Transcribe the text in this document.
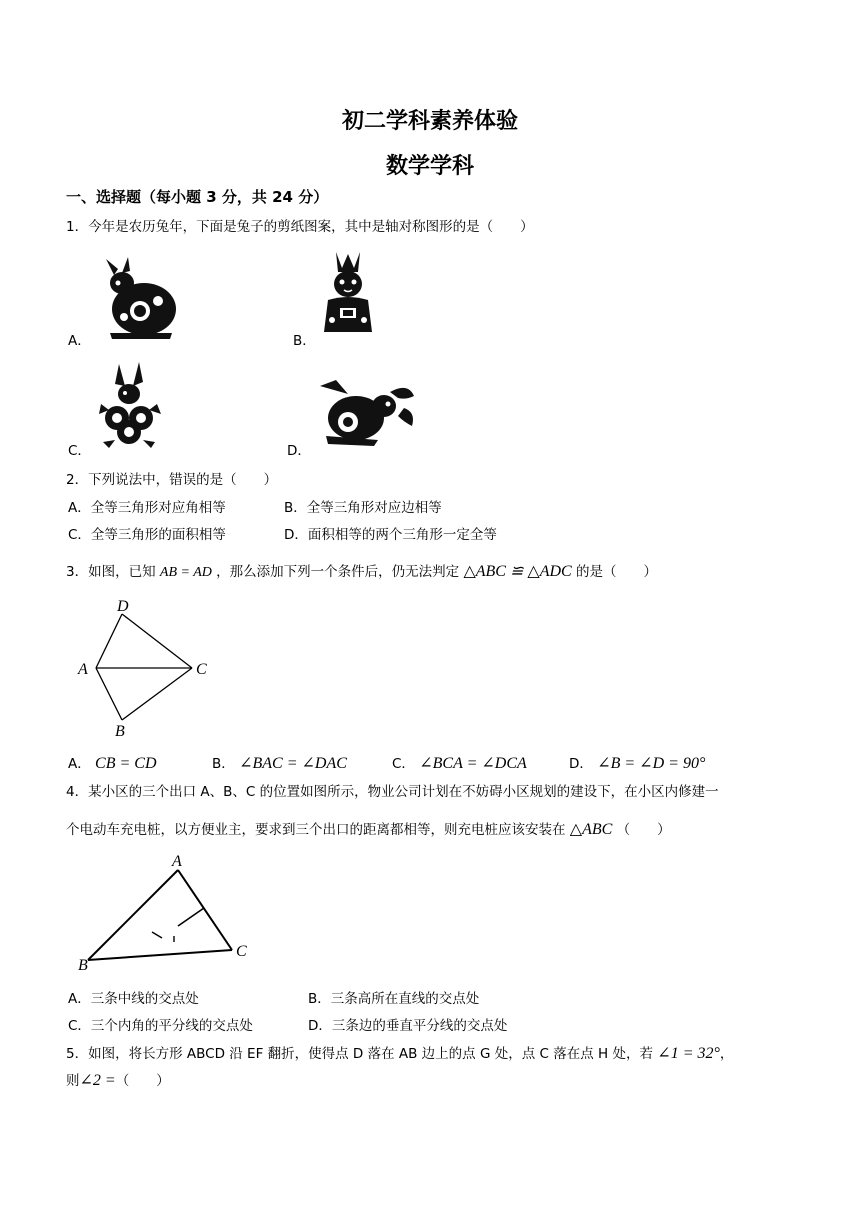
初二学科素养体验
数学学科
一、选择题（每小题 3 分，共 24 分）
1．今年是农历兔年，下面是兔子的剪纸图案，其中是轴对称图形的是（　　）
A．	B．
C．	D．
2．下列说法中，错误的是（　　）
A．全等三角形对应角相等	B．全等三角形对应边相等
C．全等三角形的面积相等	D．面积相等的两个三角形一定全等
3．如图，已知 AB = AD ，那么添加下列一个条件后，仍无法判定 △ABC ≌ △ADC 的是（　　）
D
A	C
B
A． CB = CD	B． ∠BAC = ∠DAC	C． ∠BCA = ∠DCA	D． ∠B = ∠D = 90°
4．某小区的三个出口 A、B、C 的位置如图所示，物业公司计划在不妨碍小区规划的建设下，在小区内修建一
个电动车充电桩，以方便业主，要求到三个出口的距离都相等，则充电桩应该安装在 △ABC （　　）
A
B
C
A．三条中线的交点处	B．三条高所在直线的交点处
C．三个内角的平分线的交点处	D．三条边的垂直平分线的交点处
5．如图，将长方形 ABCD 沿 EF 翻折，使得点 D 落在 AB 边上的点 G 处，点 C 落在点 H 处，若 ∠1 = 32°，
则∠2 =（　　）
